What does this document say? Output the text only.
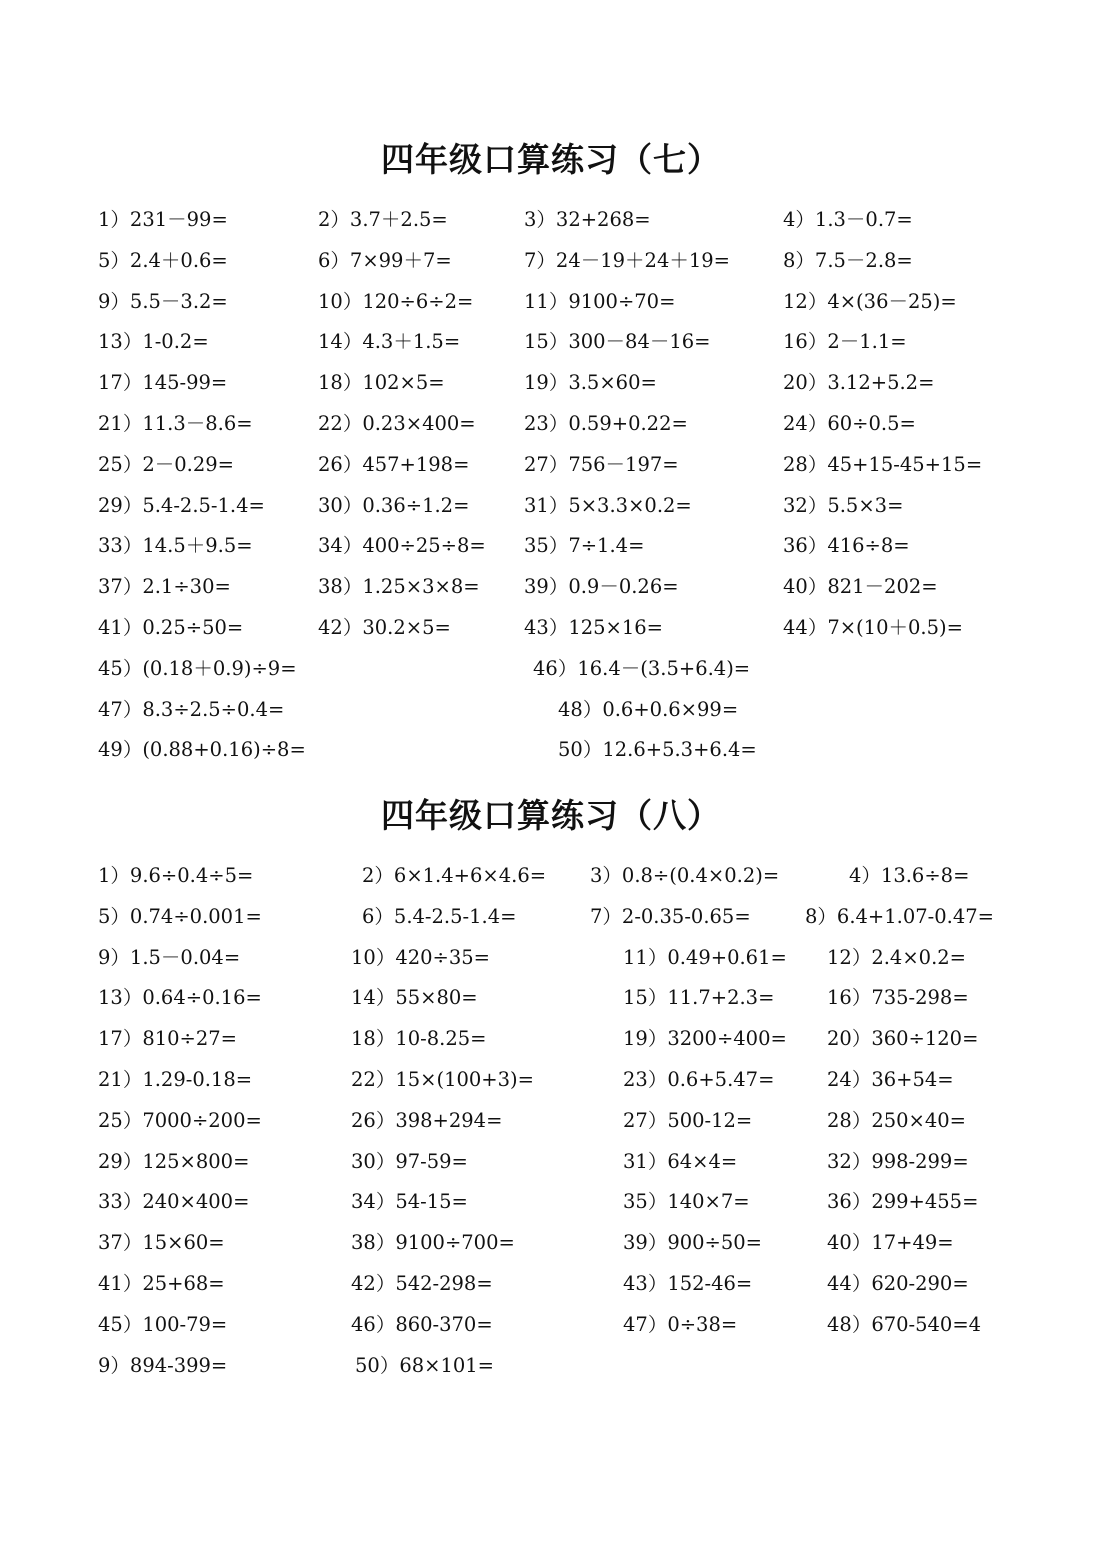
四年级口算练习（七）
1）231－99=	2）3.7＋2.5=	3）32+268=	4）1.3－0.7=
5）2.4＋0.6=	6）7×99＋7=	7）24－19＋24＋19=	8）7.5－2.8=
9）5.5－3.2=	10）120÷6÷2=	11）9100÷70=	12）4×(36－25)=
13）1-0.2=	14）4.3＋1.5=	15）300－84－16=	16）2－1.1=
17）145-99=	18）102×5=	19）3.5×60=	20）3.12+5.2=
21）11.3－8.6=	22）0.23×400= 23）0.59+0.22=	24）60÷0.5=
25）2－0.29=	26）457+198=	27）756－197=	28）45+15-45+15=
29）5.4-2.5-1.4=	30）0.36÷1.2=	31）5×3.3×0.2=	32）5.5×3=
33）14.5＋9.5=	34）400÷25÷8= 35）7÷1.4=	36）416÷8=
37）2.1÷30=	38）1.25×3×8= 39）0.9－0.26=	40）821－202=
41）0.25÷50=	42）30.2×5=	43）125×16=	44）7×(10＋0.5)=
45）(0.18＋0.9)÷9=	46）16.4－(3.5+6.4)=
47）8.3÷2.5÷0.4=	48）0.6+0.6×99=
49）(0.88+0.16)÷8=	50）12.6+5.3+6.4=
四年级口算练习（八）
1）9.6÷0.4÷5=	2）6×1.4+6×4.6= 3）0.8÷(0.4×0.2)=	4）13.6÷8=
5）0.74÷0.001=	6）5.4-2.5-1.4=	7）2-0.35-0.65=	8）6.4+1.07-0.47=
9）1.5－0.04=	10）420÷35=	11）0.49+0.61= 12）2.4×0.2=
13）0.64÷0.16=	14）55×80=	15）11.7+2.3=	16）735-298=
17）810÷27=	18）10-8.25=	19）3200÷400= 20）360÷120=
21）1.29-0.18=	22）15×(100+3)=	23）0.6+5.47=	24）36+54=
25）7000÷200=	26）398+294=	27）500-12=	28）250×40=
29）125×800=	30）97-59=	31）64×4=	32）998-299=
33）240×400=	34）54-15=	35）140×7=	36）299+455=
37）15×60=	38）9100÷700=	39）900÷50=	40）17+49=
41）25+68=	42）542-298=	43）152-46=	44）620-290=
45）100-79=	46）860-370=	47）0÷38=	48）670-540=4
9）894-399=	50）68×101=
